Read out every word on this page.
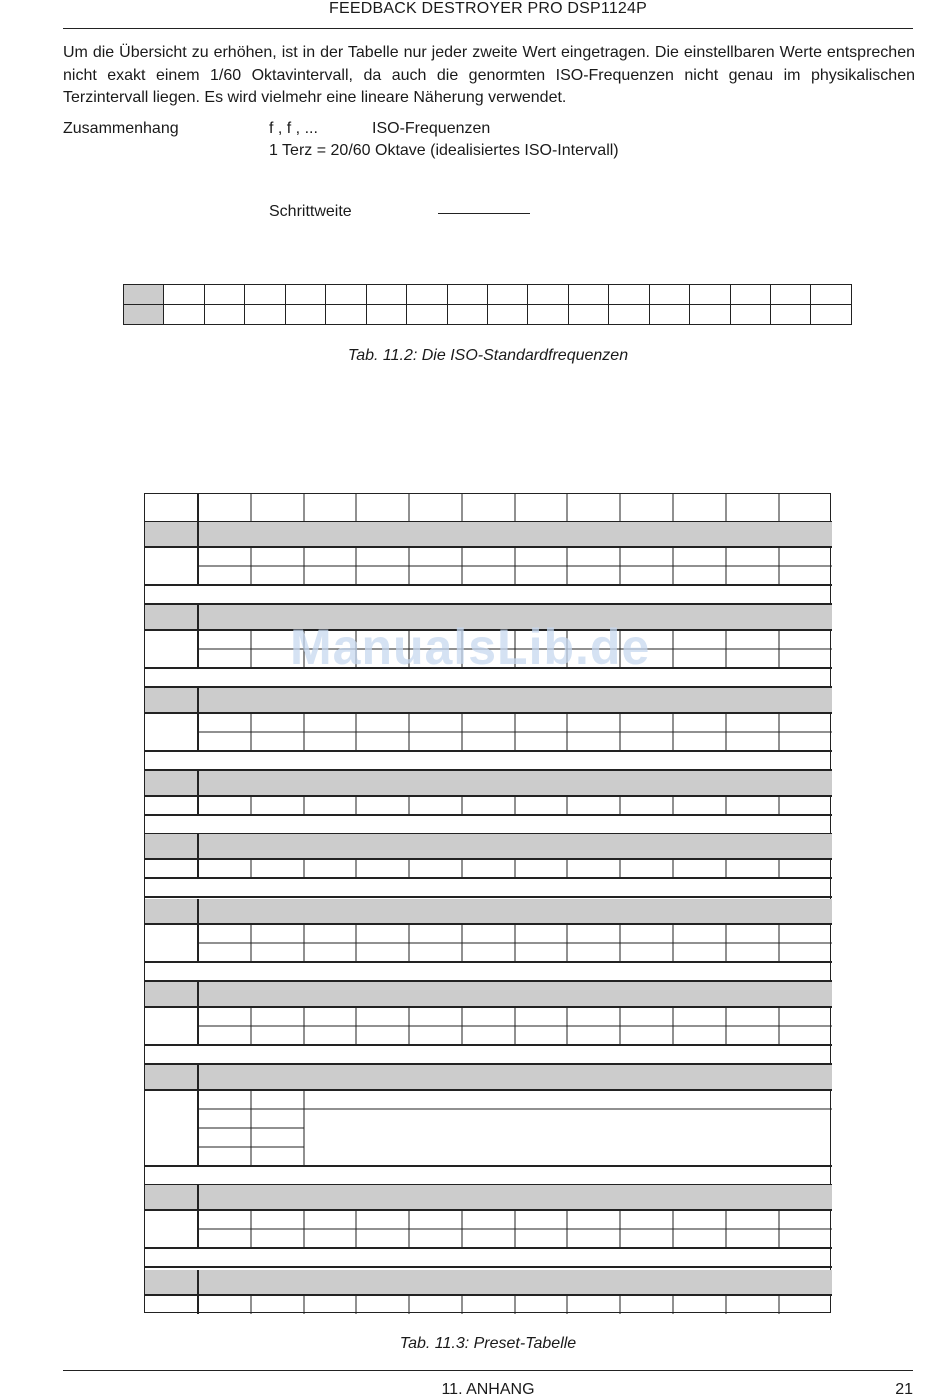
FEEDBACK DESTROYER PRO DSP1124P
Um die Übersicht zu erhöhen, ist in der Tabelle nur jeder zweite Wert eingetragen. Die einstellbaren Werte entsprechen nicht exakt einem 1/60 Oktavintervall, da auch die genormten ISO-Frequenzen nicht genau im physikalischen Terzintervall liegen. Es wird vielmehr eine lineare Näherung verwendet.
Zusammenhang	f , f , ...	ISO-Frequenzen
1 Terz = 20/60 Oktave (idealisiertes ISO-Intervall)
Schrittweite

Tab. 11.2: Die ISO-Standardfrequenzen
ManualsLib.de
Tab. 11.3: Preset-Tabelle
11. ANHANG	21
